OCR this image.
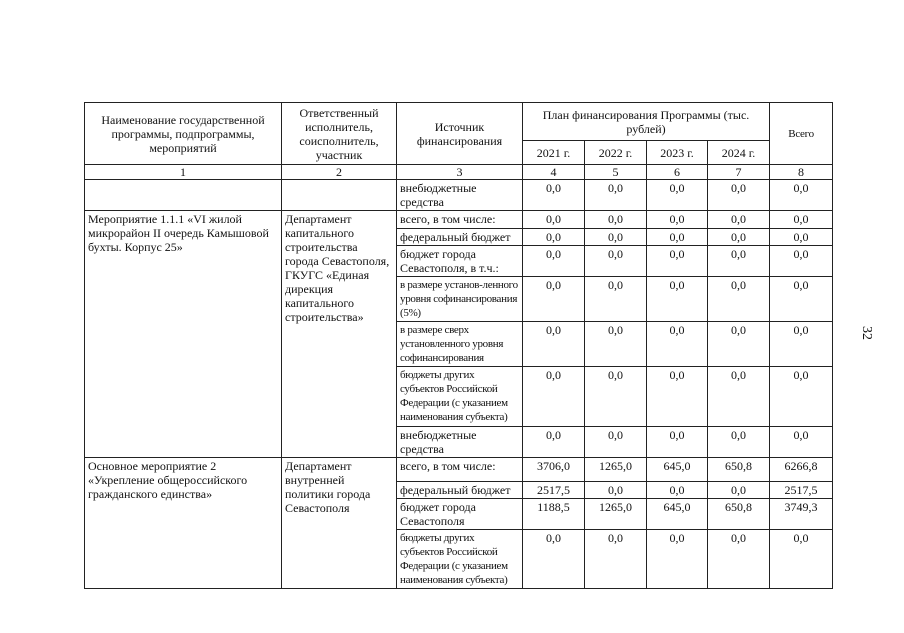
Наименование государственной программы, подпрограммы, мероприятий	Ответственный исполнитель, соисполнитель, участник	Источник финансирования	План финансирования Программы (тыс. рублей)				Всего
			2021 г.	2022 г.	2023 г.	2024 г.	
1	2	3	4	5	6	7	8
		внебюджетные средства	0,0	0,0	0,0	0,0	0,0
Мероприятие 1.1.1 «VI жилой микрорайон II очередь Камышовой бухты. Корпус 25»	Департамент капитального строительства города Севастополя, ГКУГС «Единая дирекция капитального строительства»	всего, в том числе:	0,0	0,0	0,0	0,0	0,0
		федеральный бюджет	0,0	0,0	0,0	0,0	0,0
		бюджет города Севастополя, в т.ч.:	0,0	0,0	0,0	0,0	0,0
		в размере установ-ленного уровня софинансирования (5%)	0,0	0,0	0,0	0,0	0,0
		в размере сверх установленного уровня софинансирования	0,0	0,0	0,0	0,0	0,0
		бюджеты других субъектов Российской Федерации (с указанием наименования субъекта)	0,0	0,0	0,0	0,0	0,0
		внебюджетные средства	0,0	0,0	0,0	0,0	0,0
Основное мероприятие 2 «Укрепление общероссийского гражданского единства»	Департамент внутренней политики города Севастополя	всего, в том числе:	3706,0	1265,0	645,0	650,8	6266,8
		федеральный бюджет	2517,5	0,0	0,0	0,0	2517,5
		бюджет города Севастополя	1188,5	1265,0	645,0	650,8	3749,3
		бюджеты других субъектов Российской Федерации (с указанием наименования субъекта)	0,0	0,0	0,0	0,0	0,0
32
